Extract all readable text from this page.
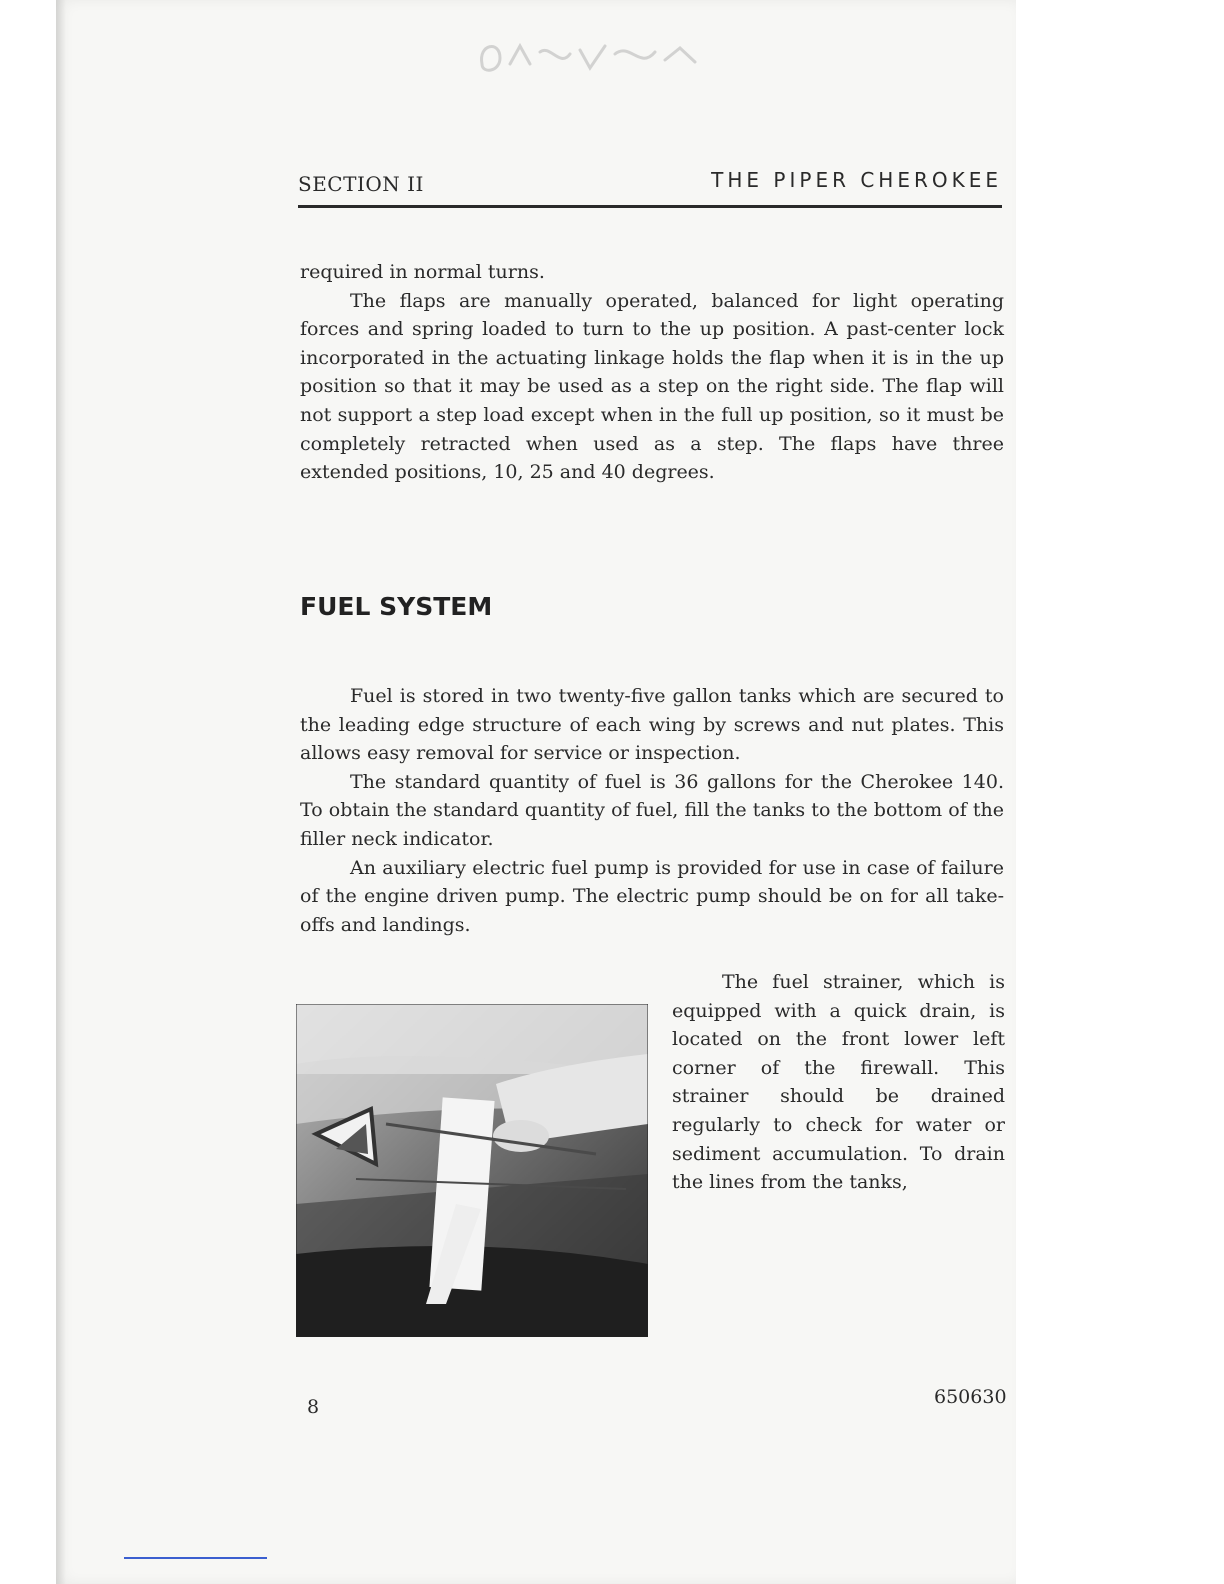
SECTION II	THE PIPER CHEROKEE

required in normal turns.

The flaps are manually operated, balanced for light operating forces and spring loaded to turn to the up position. A past-center lock incorporated in the actuating linkage holds the flap when it is in the up position so that it may be used as a step on the right side. The flap will not support a step load except when in the full up position, so it must be completely retracted when used as a step. The flaps have three extended positions, 10, 25 and 40 degrees.

FUEL SYSTEM

Fuel is stored in two twenty-five gallon tanks which are secured to the leading edge structure of each wing by screws and nut plates. This allows easy removal for service or inspection.

The standard quantity of fuel is 36 gallons for the Cherokee 140. To obtain the standard quantity of fuel, fill the tanks to the bottom of the filler neck indicator.

An auxiliary electric fuel pump is provided for use in case of failure of the engine driven pump. The electric pump should be on for all take-offs and landings.

The fuel strainer, which is equipped with a quick drain, is located on the front lower left corner of the firewall. This strainer should be drained regularly to check for water or sediment accumulation. To drain the lines from the tanks,

8	650630
